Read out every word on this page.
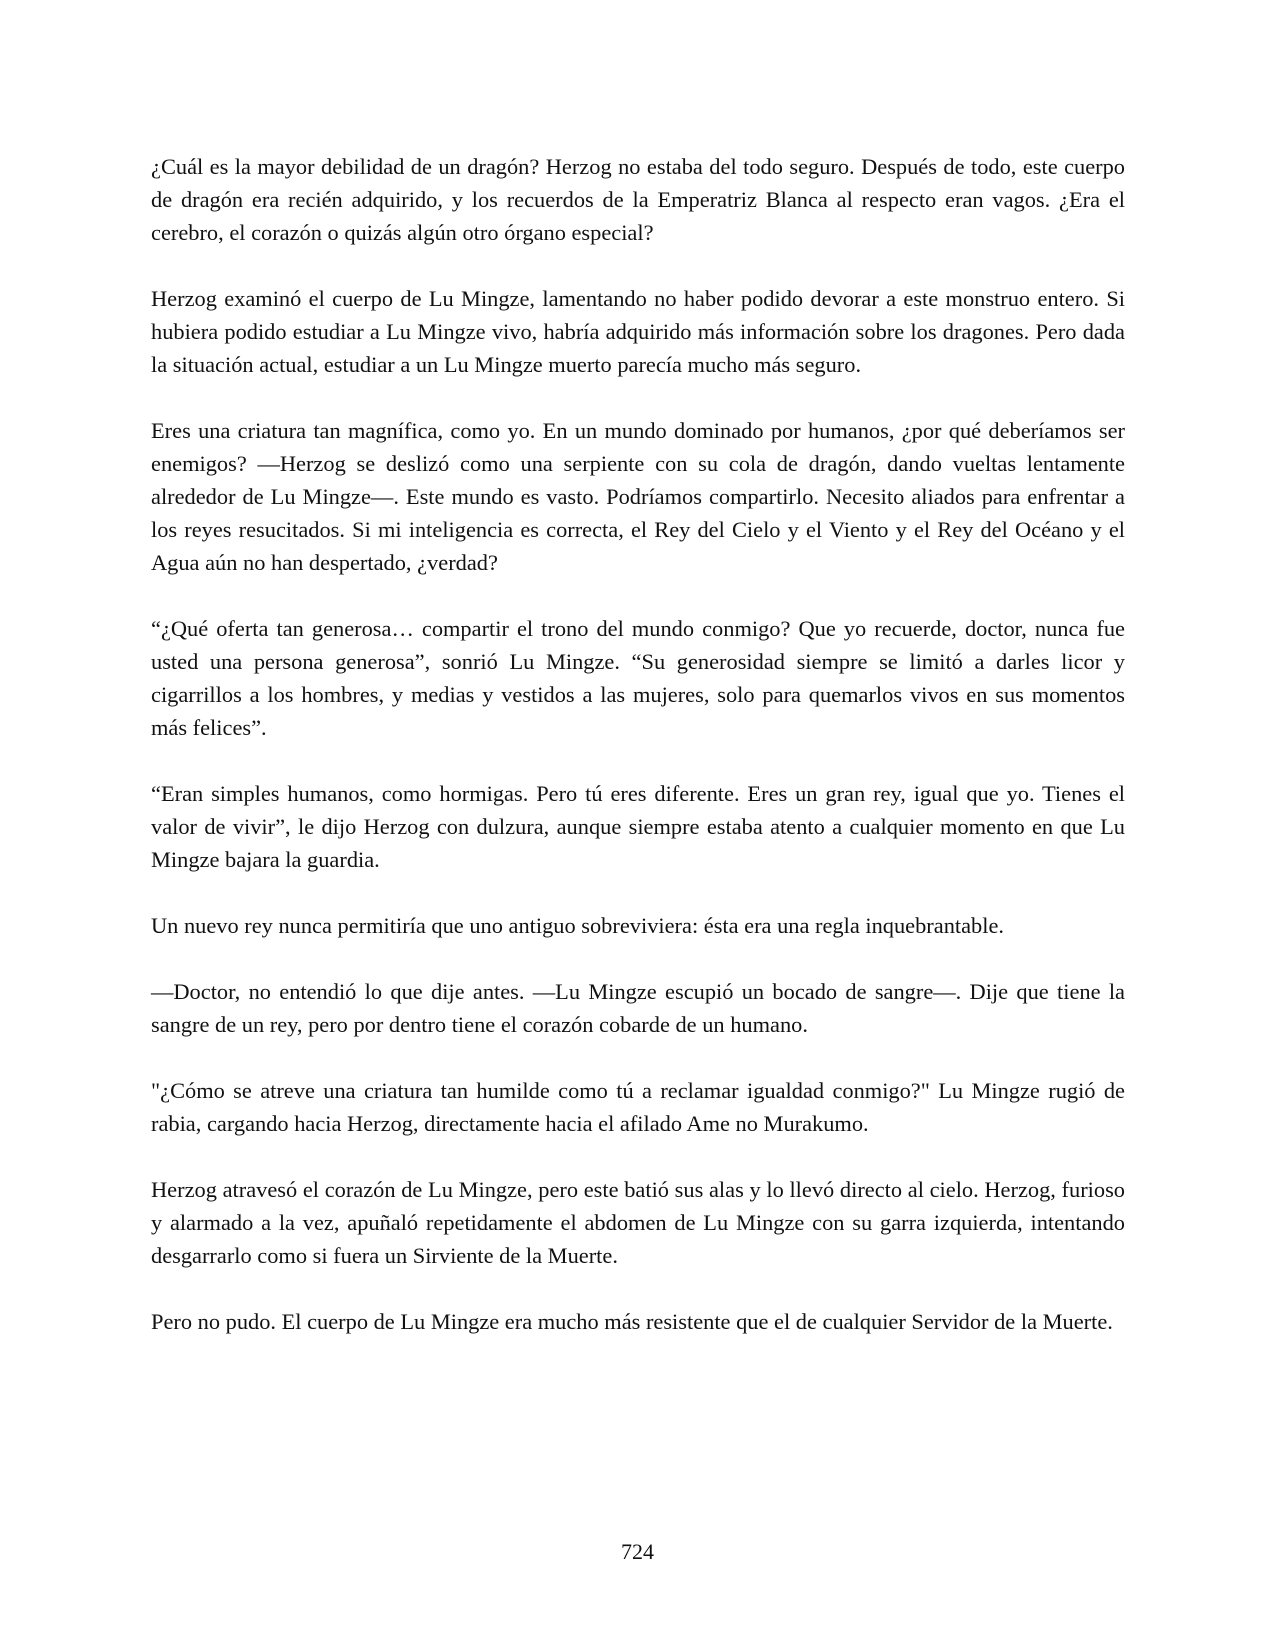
¿Cuál es la mayor debilidad de un dragón? Herzog no estaba del todo seguro. Después de todo, este cuerpo de dragón era recién adquirido, y los recuerdos de la Emperatriz Blanca al respecto eran vagos. ¿Era el cerebro, el corazón o quizás algún otro órgano especial?

Herzog examinó el cuerpo de Lu Mingze, lamentando no haber podido devorar a este monstruo entero. Si hubiera podido estudiar a Lu Mingze vivo, habría adquirido más información sobre los dragones. Pero dada la situación actual, estudiar a un Lu Mingze muerto parecía mucho más seguro.

Eres una criatura tan magnífica, como yo. En un mundo dominado por humanos, ¿por qué deberíamos ser enemigos? —Herzog se deslizó como una serpiente con su cola de dragón, dando vueltas lentamente alrededor de Lu Mingze—. Este mundo es vasto. Podríamos compartirlo. Necesito aliados para enfrentar a los reyes resucitados. Si mi inteligencia es correcta, el Rey del Cielo y el Viento y el Rey del Océano y el Agua aún no han despertado, ¿verdad?

“¿Qué oferta tan generosa… compartir el trono del mundo conmigo? Que yo recuerde, doctor, nunca fue usted una persona generosa”, sonrió Lu Mingze. “Su generosidad siempre se limitó a darles licor y cigarrillos a los hombres, y medias y vestidos a las mujeres, solo para quemarlos vivos en sus momentos más felices”.

“Eran simples humanos, como hormigas. Pero tú eres diferente. Eres un gran rey, igual que yo. Tienes el valor de vivir”, le dijo Herzog con dulzura, aunque siempre estaba atento a cualquier momento en que Lu Mingze bajara la guardia.

Un nuevo rey nunca permitiría que uno antiguo sobreviviera: ésta era una regla inquebrantable.

—Doctor, no entendió lo que dije antes. —Lu Mingze escupió un bocado de sangre—. Dije que tiene la sangre de un rey, pero por dentro tiene el corazón cobarde de un humano.

"¿Cómo se atreve una criatura tan humilde como tú a reclamar igualdad conmigo?" Lu Mingze rugió de rabia, cargando hacia Herzog, directamente hacia el afilado Ame no Murakumo.

Herzog atravesó el corazón de Lu Mingze, pero este batió sus alas y lo llevó directo al cielo. Herzog, furioso y alarmado a la vez, apuñaló repetidamente el abdomen de Lu Mingze con su garra izquierda, intentando desgarrarlo como si fuera un Sirviente de la Muerte.

Pero no pudo. El cuerpo de Lu Mingze era mucho más resistente que el de cualquier Servidor de la Muerte.

724
